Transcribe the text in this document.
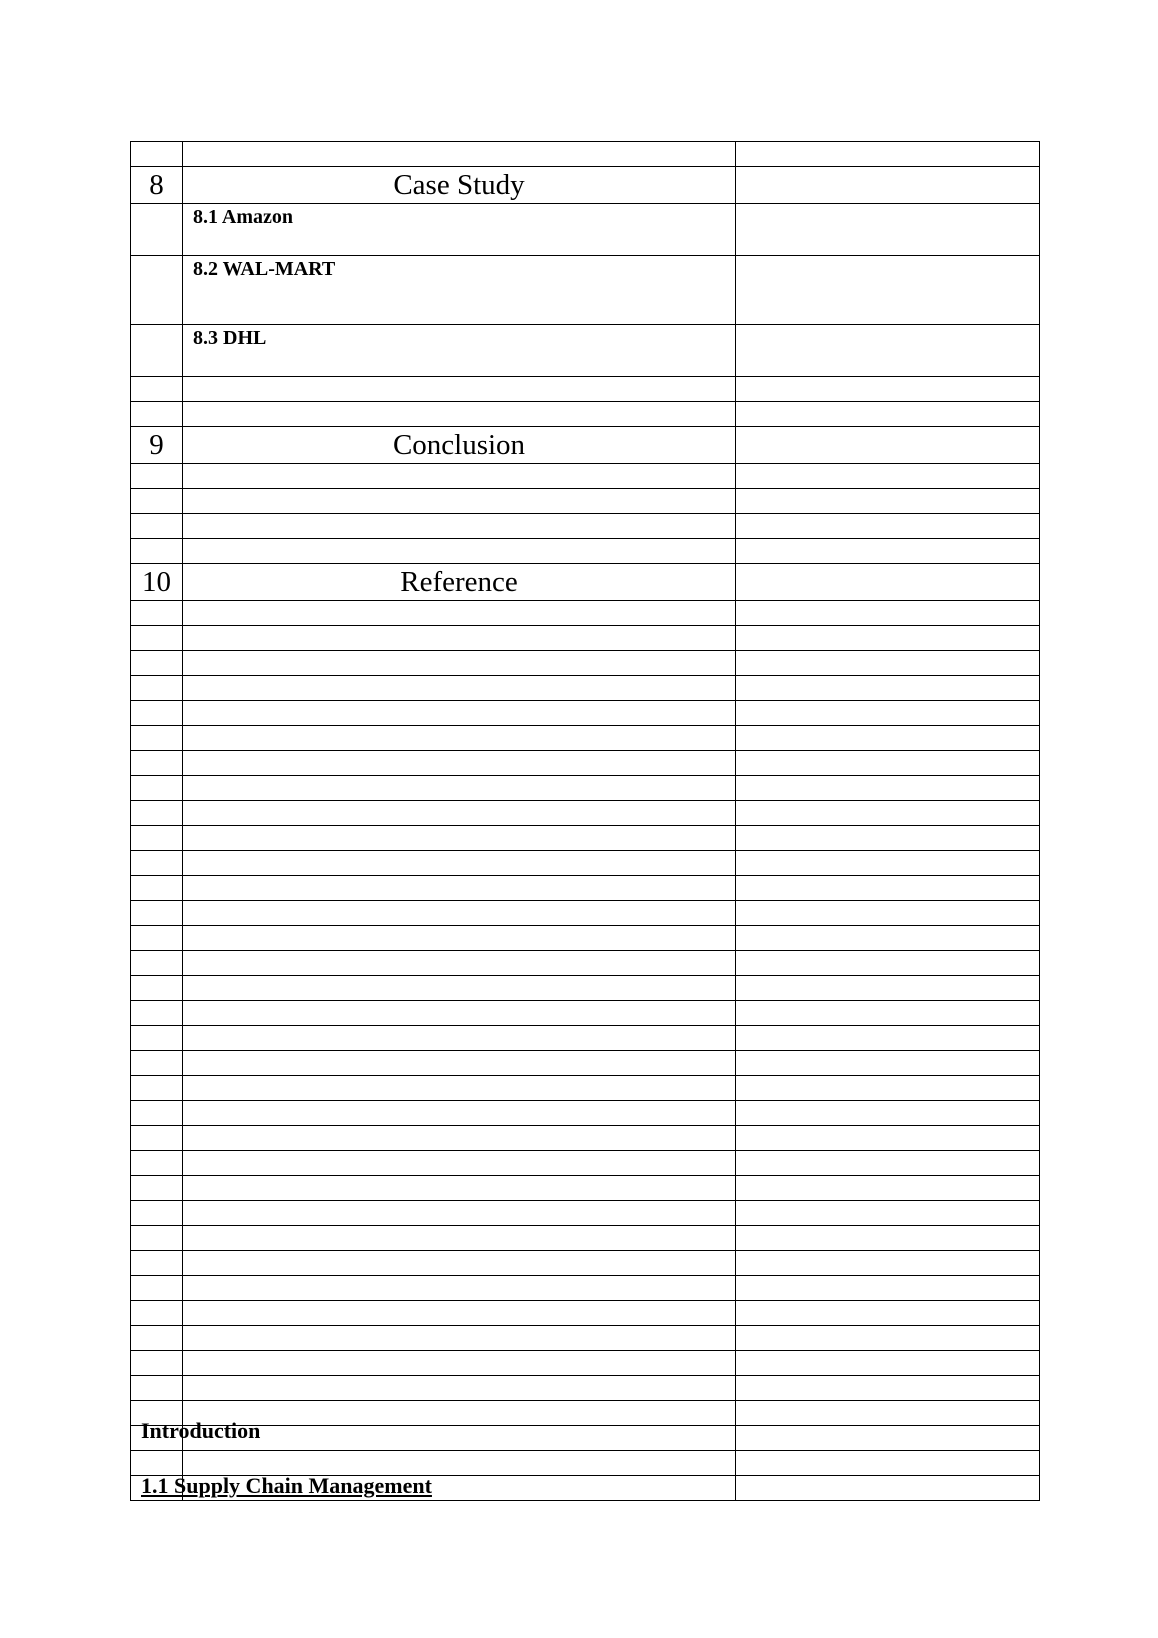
8	Case Study	
	8.1 Amazon	
	8.2 WAL-MART	
	8.3 DHL	

9	Conclusion	

10	Reference	

Introduction
1.1 Supply Chain Management
